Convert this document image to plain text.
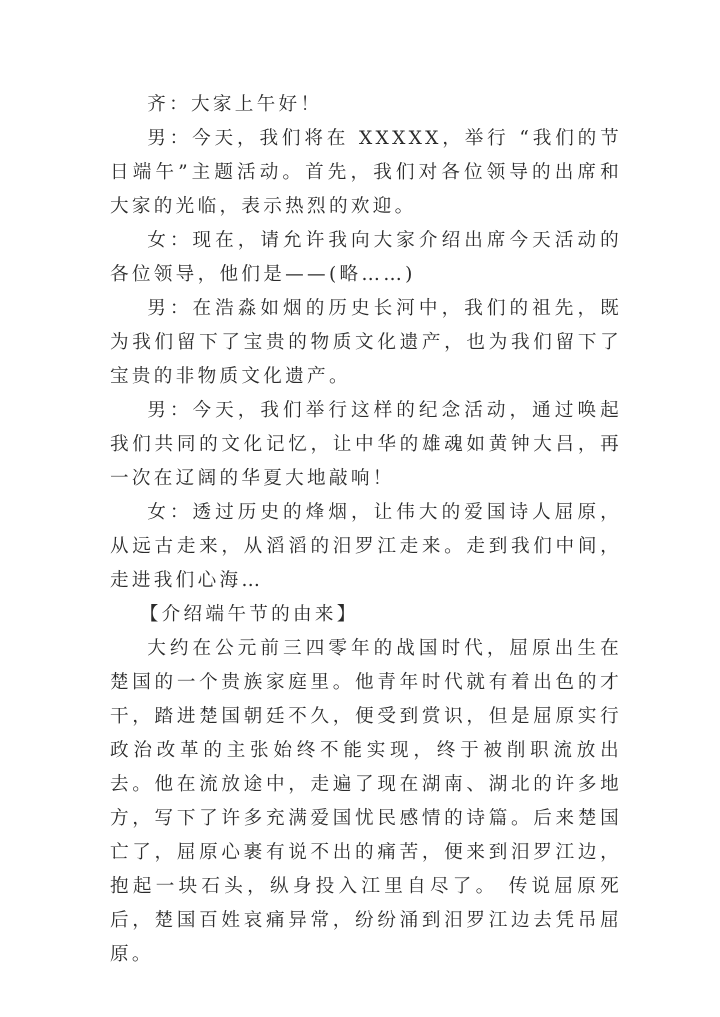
齐：大家上午好！

男：今天，我们将在 XXXXX，举行 “我们的节日端午”主题活动。首先，我们对各位领导的出席和大家的光临，表示热烈的欢迎。

女：现在，请允许我向大家介绍出席今天活动的各位领导，他们是——(略……)

男：在浩淼如烟的历史长河中，我们的祖先，既为我们留下了宝贵的物质文化遗产，也为我们留下了宝贵的非物质文化遗产。

男：今天，我们举行这样的纪念活动，通过唤起我们共同的文化记忆，让中华的雄魂如黄钟大吕，再一次在辽阔的华夏大地敲响！

女：透过历史的烽烟，让伟大的爱国诗人屈原，从远古走来，从滔滔的汨罗江走来。走到我们中间，走进我们心海…

【介绍端午节的由来】

大约在公元前三四零年的战国时代，屈原出生在楚国的一个贵族家庭里。他青年时代就有着出色的才干，踏进楚国朝廷不久，便受到赏识，但是屈原实行政治改革的主张始终不能实现，终于被削职流放出去。他在流放途中，走遍了现在湖南、湖北的许多地方，写下了许多充满爱国忧民感情的诗篇。后来楚国亡了，屈原心裹有说不出的痛苦，便来到汨罗江边，抱起一块石头，纵身投入江里自尽了。 传说屈原死后，楚国百姓哀痛异常，纷纷涌到汨罗江边去凭吊屈原。
